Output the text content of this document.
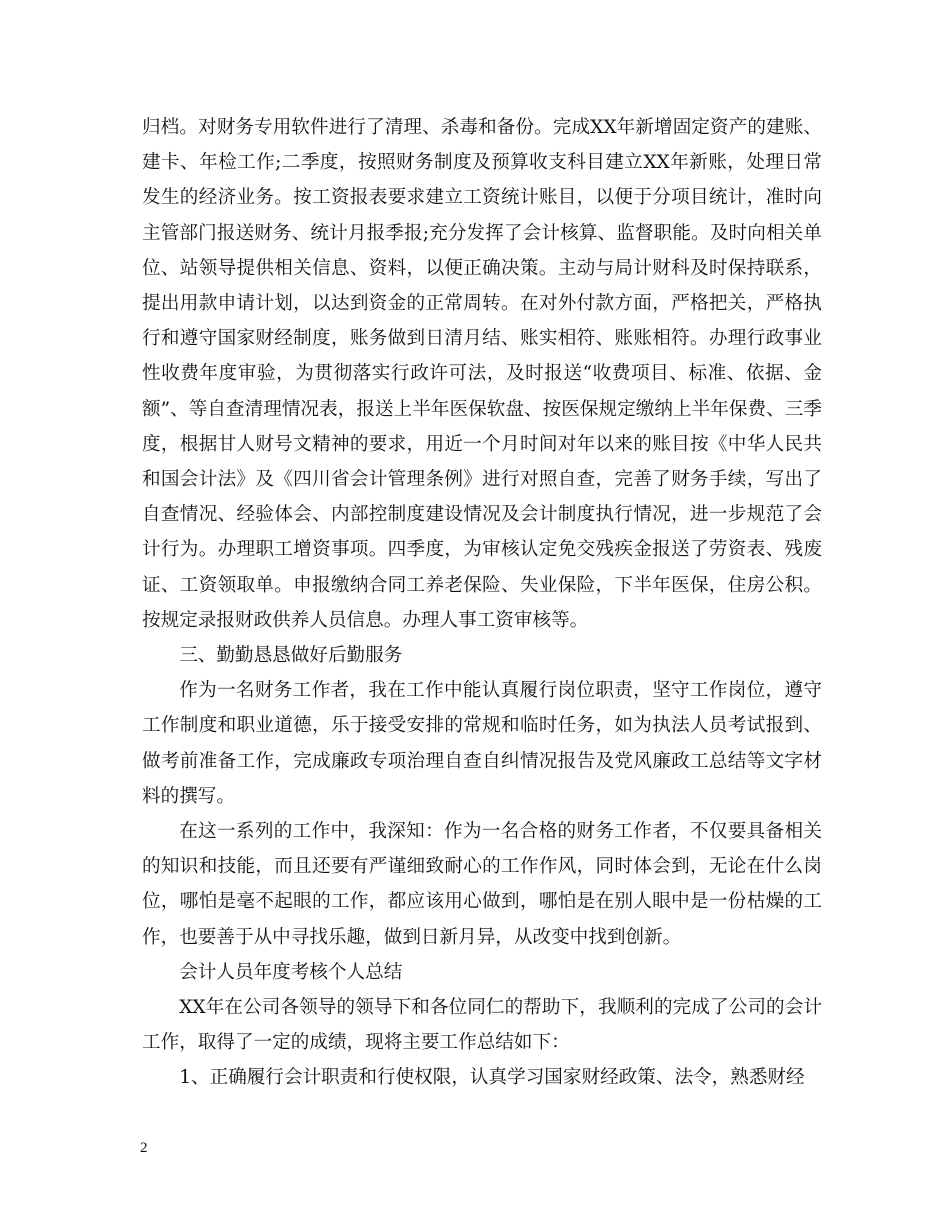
归档。对财务专用软件进行了清理、杀毒和备份。完成XX年新增固定资产的建账、建卡、年检工作;二季度，按照财务制度及预算收支科目建立XX年新账，处理日常发生的经济业务。按工资报表要求建立工资统计账目，以便于分项目统计，准时向主管部门报送财务、统计月报季报;充分发挥了会计核算、监督职能。及时向相关单位、站领导提供相关信息、资料，以便正确决策。主动与局计财科及时保持联系，提出用款申请计划，以达到资金的正常周转。在对外付款方面，严格把关，严格执行和遵守国家财经制度，账务做到日清月结、账实相符、账账相符。办理行政事业性收费年度审验，为贯彻落实行政许可法，及时报送“收费项目、标准、依据、金额”、等自查清理情况表，报送上半年医保软盘、按医保规定缴纳上半年保费、三季度，根据甘人财号文精神的要求，用近一个月时间对年以来的账目按《中华人民共和国会计法》及《四川省会计管理条例》进行对照自查，完善了财务手续，写出了自查情况、经验体会、内部控制度建设情况及会计制度执行情况，进一步规范了会计行为。办理职工增资事项。四季度，为审核认定免交残疾金报送了劳资表、残废证、工资领取单。申报缴纳合同工养老保险、失业保险，下半年医保，住房公积。按规定录报财政供养人员信息。办理人事工资审核等。

三、勤勤恳恳做好后勤服务

作为一名财务工作者，我在工作中能认真履行岗位职责，坚守工作岗位，遵守工作制度和职业道德，乐于接受安排的常规和临时任务，如为执法人员考试报到、做考前准备工作，完成廉政专项治理自查自纠情况报告及党风廉政工总结等文字材料的撰写。

在这一系列的工作中，我深知：作为一名合格的财务工作者，不仅要具备相关的知识和技能，而且还要有严谨细致耐心的工作作风，同时体会到，无论在什么岗位，哪怕是毫不起眼的工作，都应该用心做到，哪怕是在别人眼中是一份枯燥的工作，也要善于从中寻找乐趣，做到日新月异，从改变中找到创新。

会计人员年度考核个人总结

XX年在公司各领导的领导下和各位同仁的帮助下，我顺利的完成了公司的会计工作，取得了一定的成绩，现将主要工作总结如下：

1、正确履行会计职责和行使权限，认真学习国家财经政策、法令，熟悉财经

2
